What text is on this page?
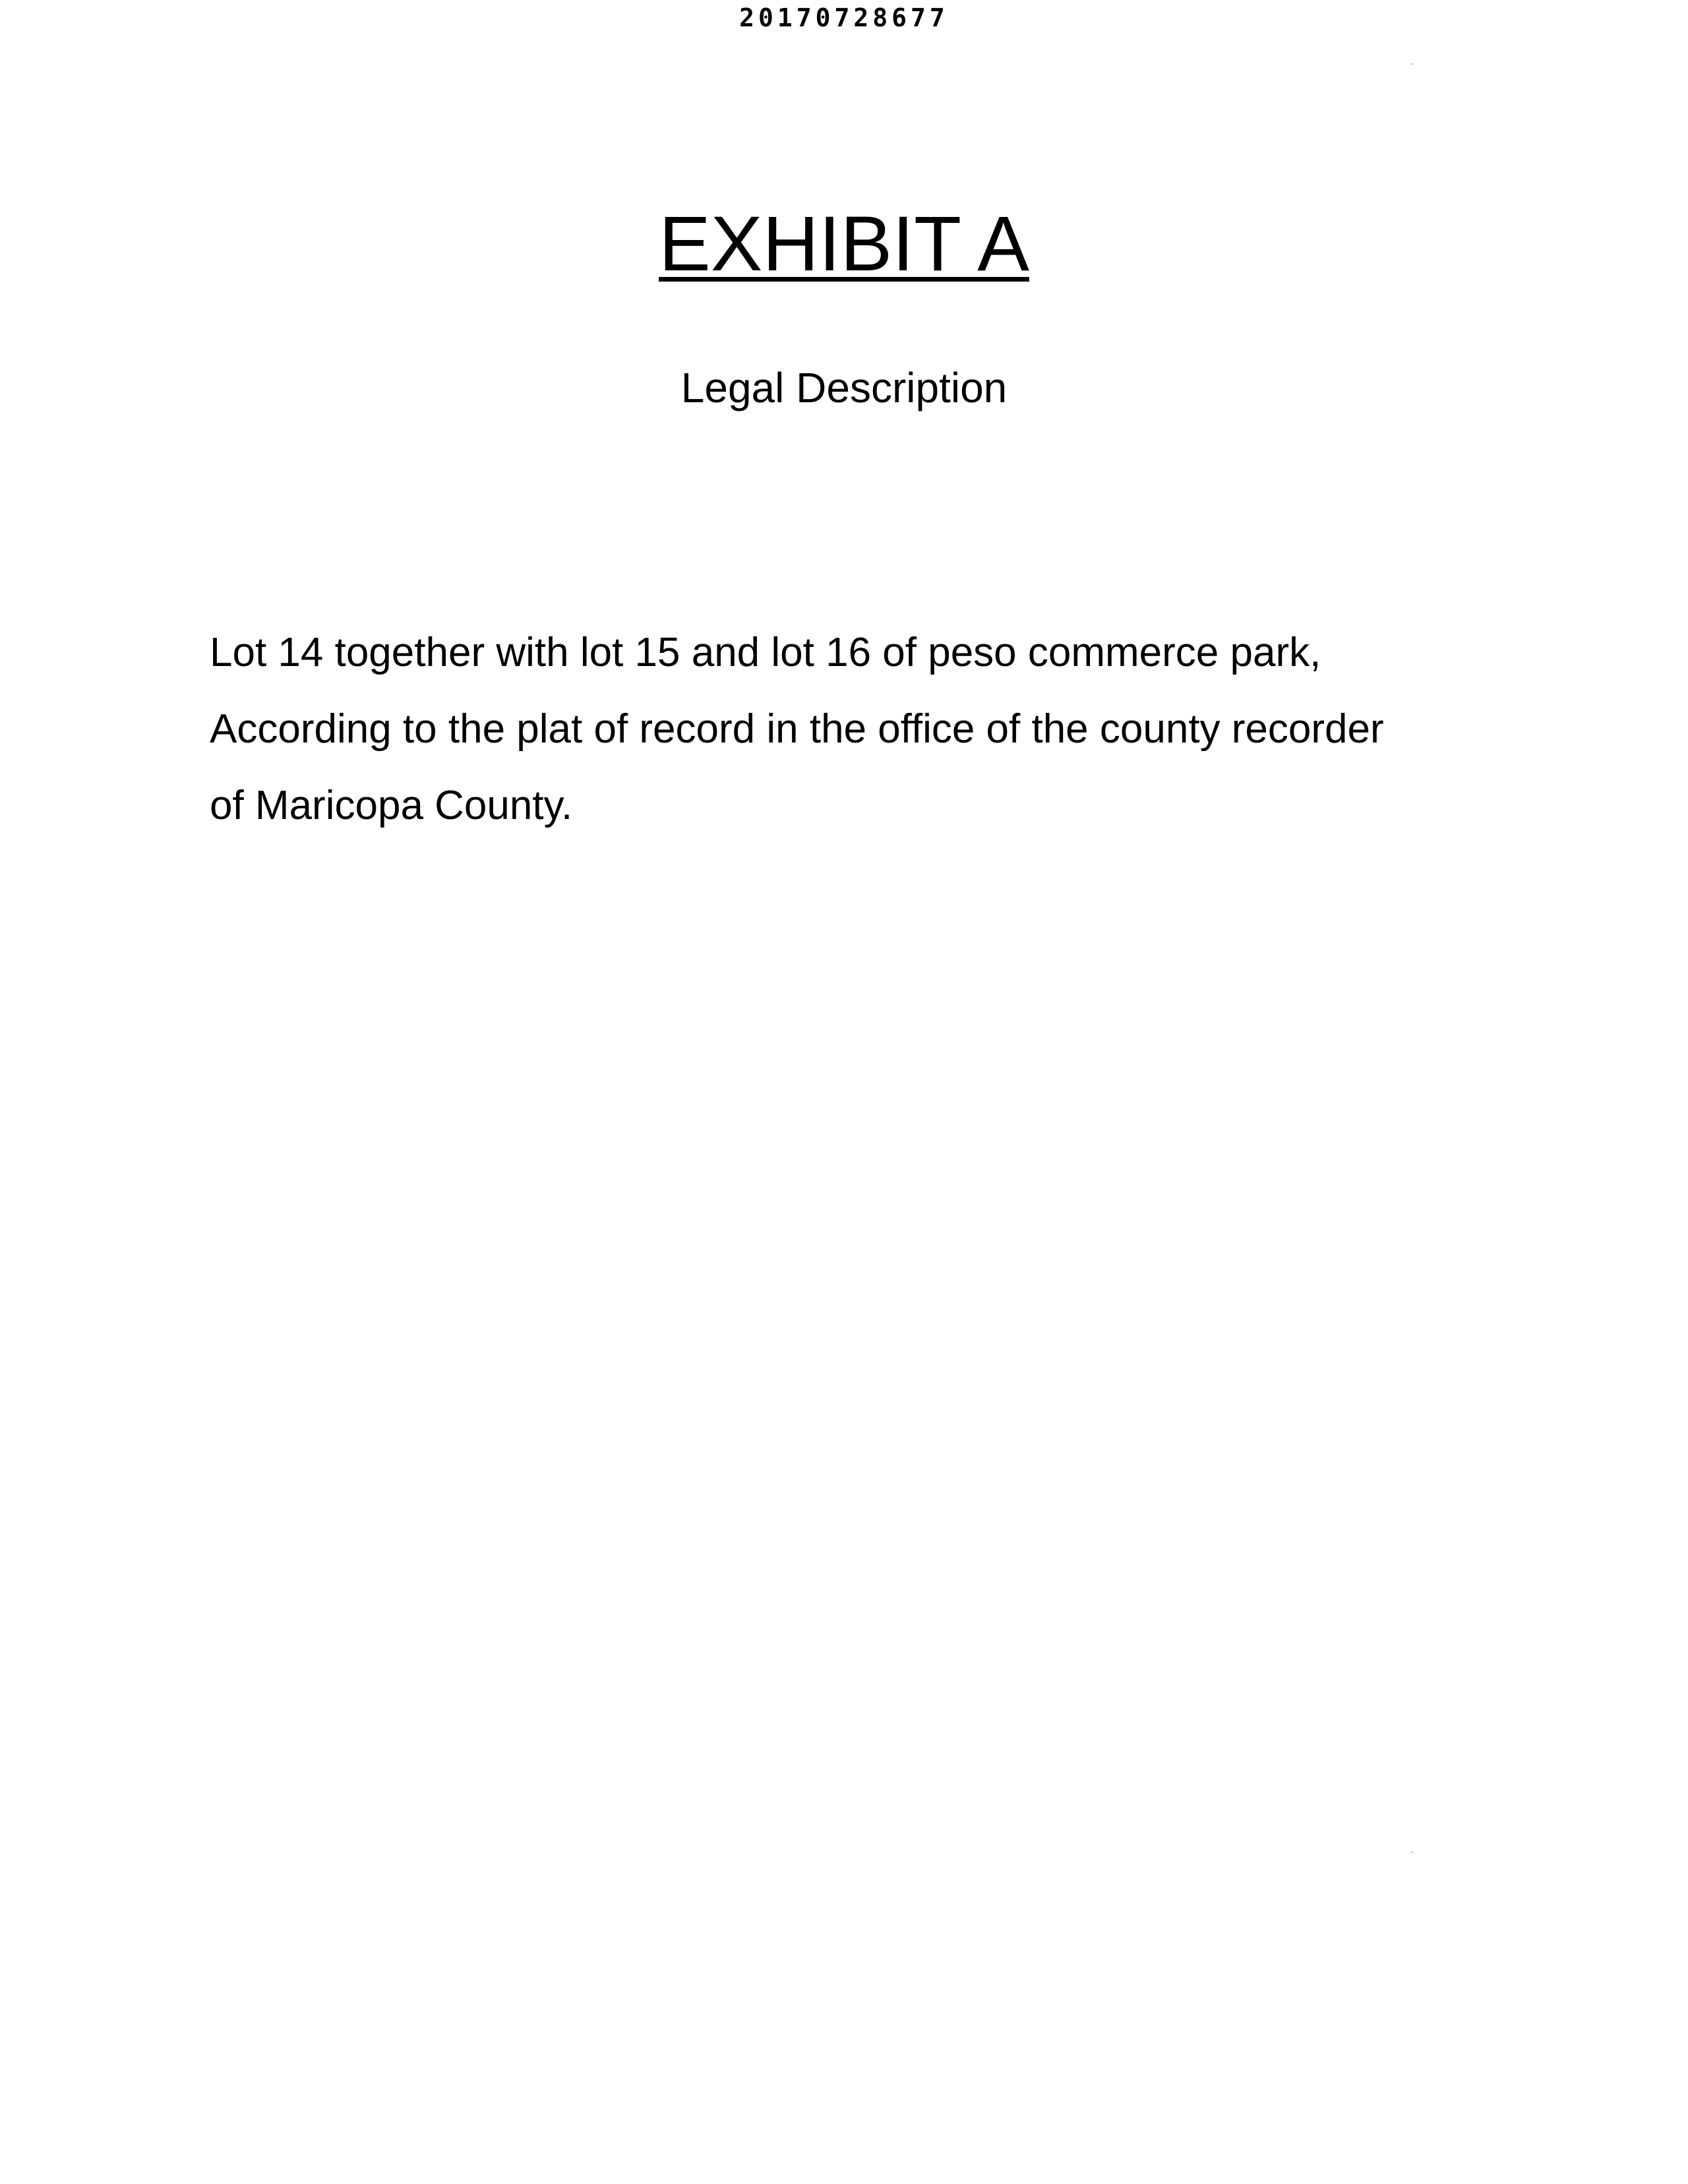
20170728677
EXHIBIT A
Legal Description
Lot 14 together with lot 15 and lot 16 of peso commerce park,
According to the plat of record in the office of the county recorder
of Maricopa County.
